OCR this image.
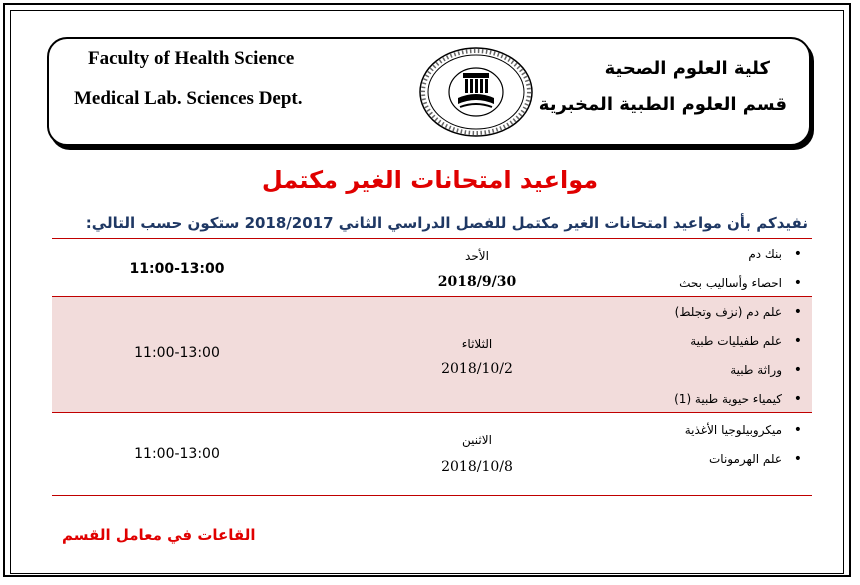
Faculty of Health Science
Medical Lab. Sciences Dept.
كلية العلوم الصحية
قسم العلوم الطبية المخبرية
مواعيد امتحانات الغير مكتمل
نفيدكم بأن مواعيد امتحانات الغير مكتمل للفصل الدراسي الثاني 2018/2017 ستكون حسب التالي:
11:00-13:00
الأحد
2018/9/30
• بنك دم
• احصاء وأساليب بحث
11:00-13:00
الثلاثاء
2018/10/2
• علم دم (نزف وتجلط)
• علم طفيليات طبية
• وراثة طبية
• كيمياء حيوية طبية (1)
11:00-13:00
الاثنين
2018/10/8
• ميكروبيلوجيا الأغذية
• علم الهرمونات
القاعات في معامل القسم
